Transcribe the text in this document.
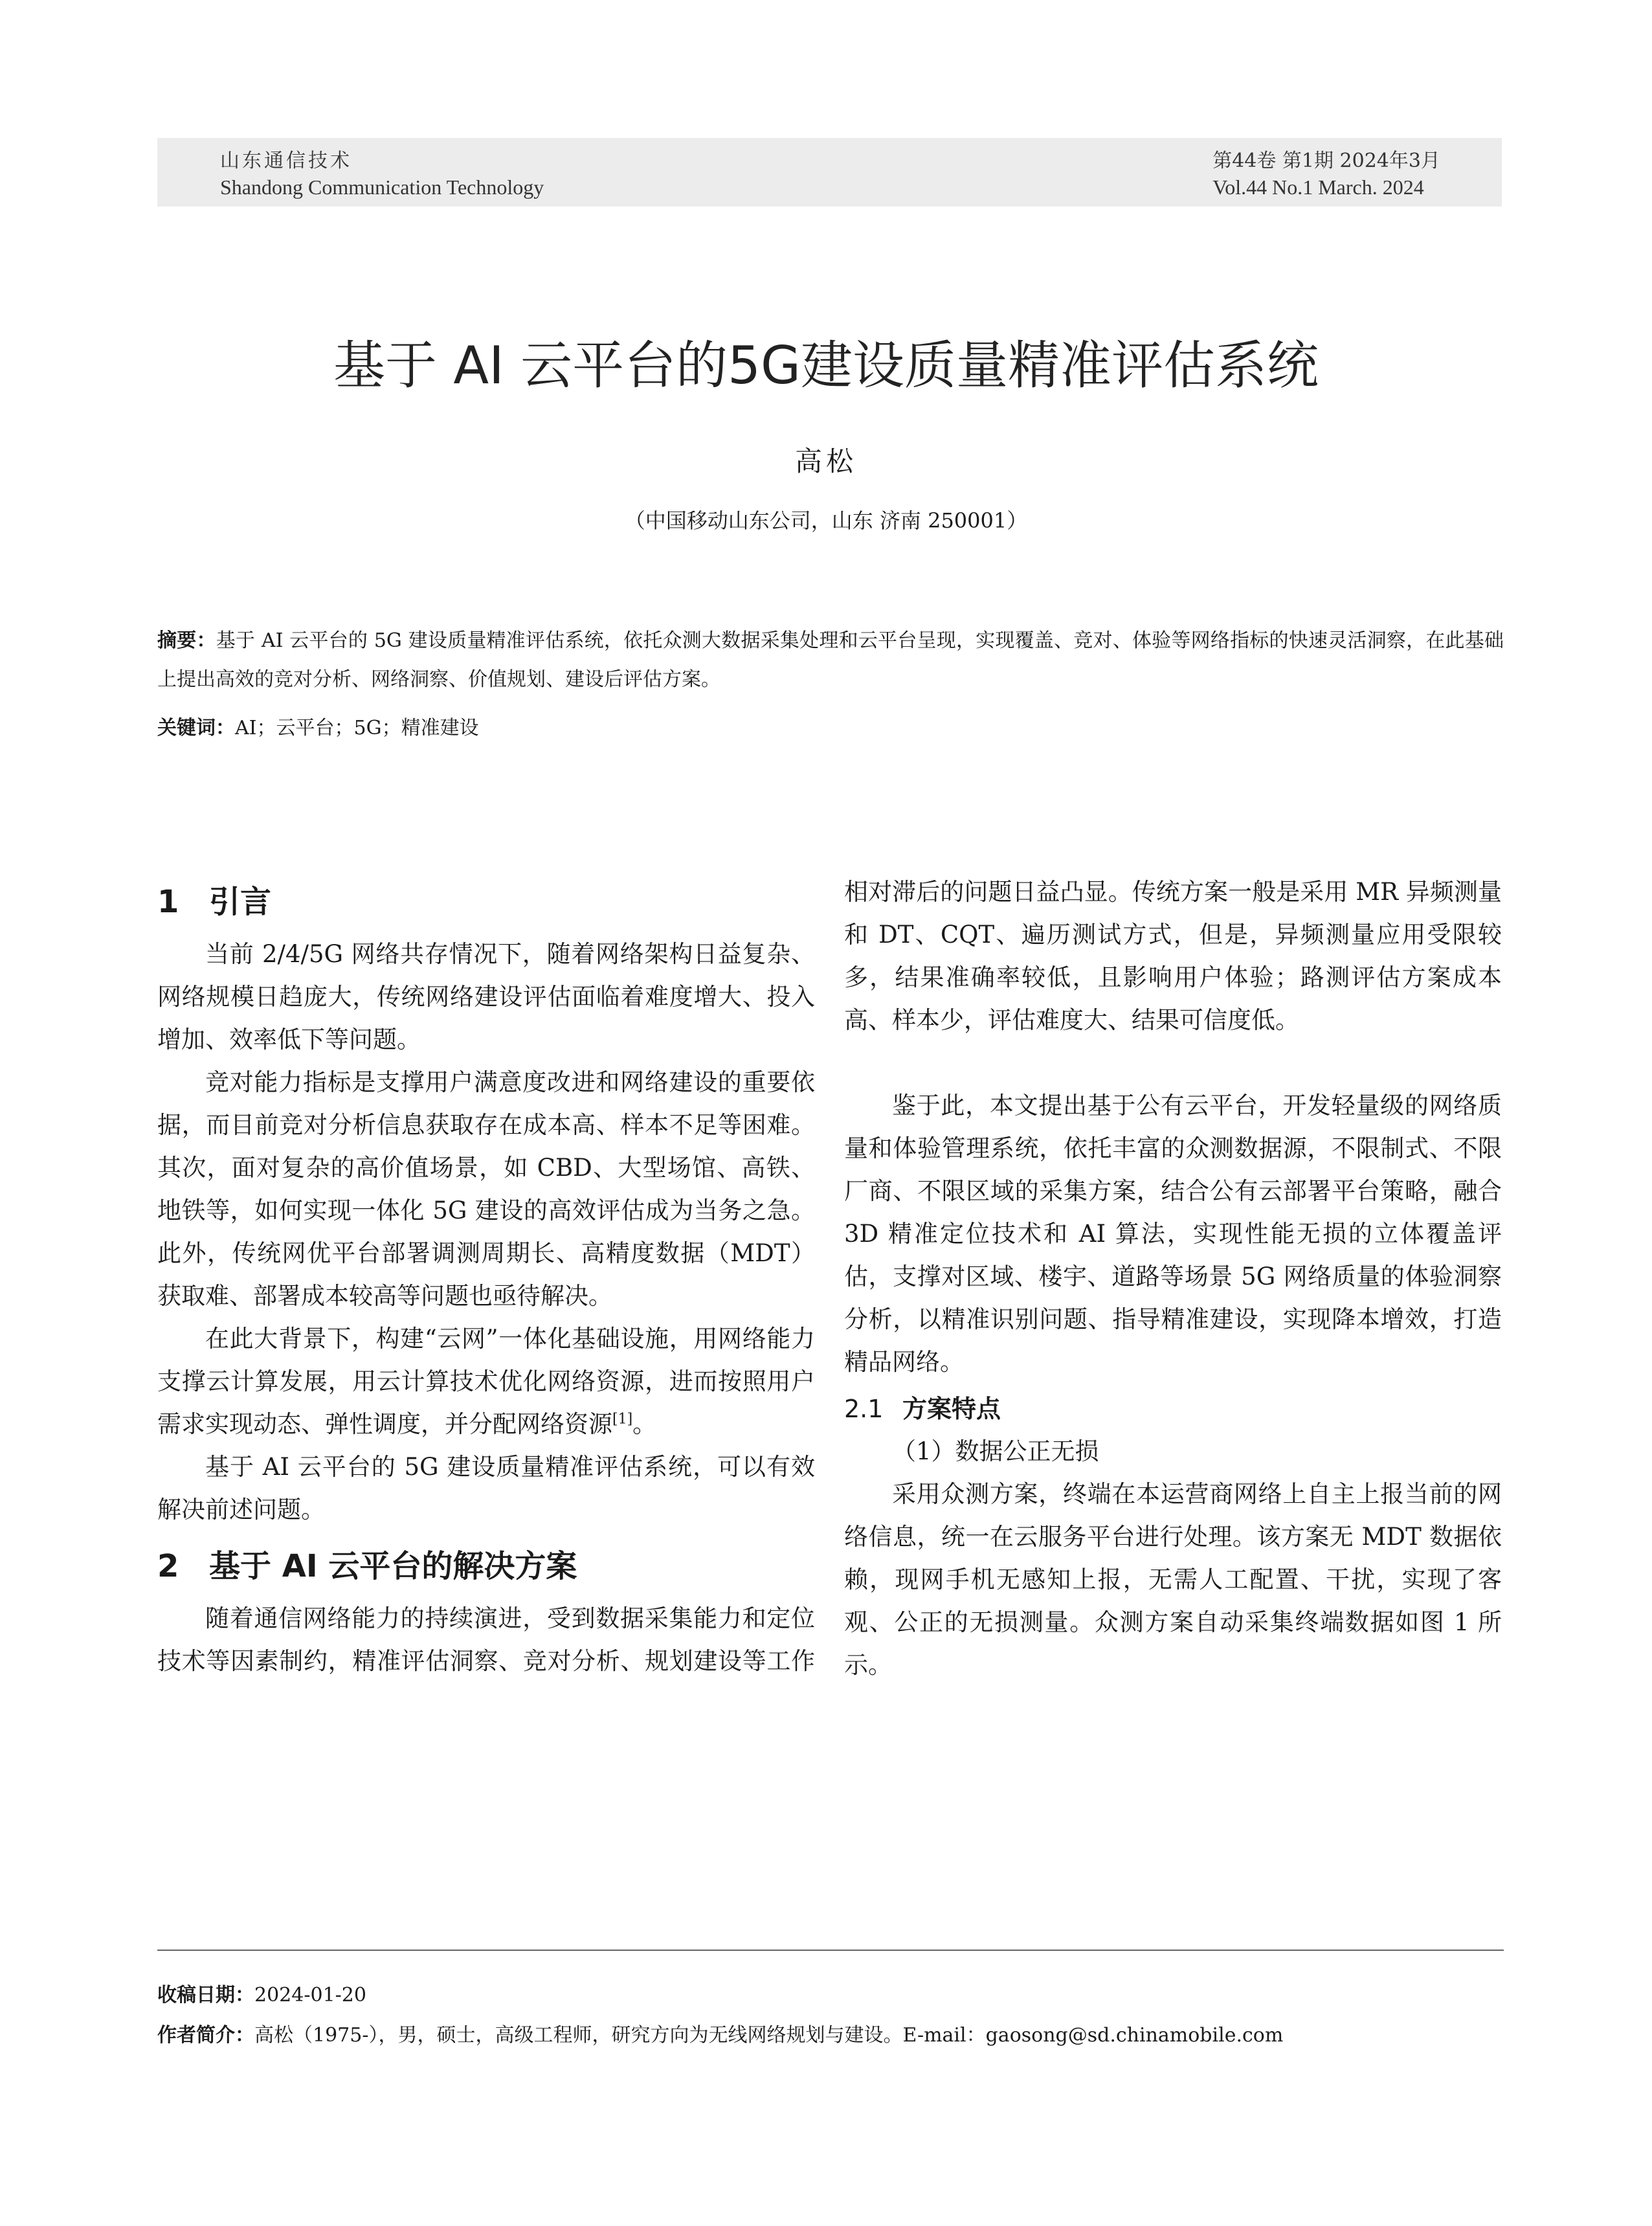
山东通信技术
Shandong Communication Technology
第44卷 第1期 2024年3月
Vol.44 No.1 March. 2024
基于 AI 云平台的5G建设质量精准评估系统
高松
（中国移动山东公司，山东 济南 250001）
摘要：基于 AI 云平台的 5G 建设质量精准评估系统，依托众测大数据采集处理和云平台呈现，实现覆盖、竞对、体验等网络指标的快速灵活洞察，在此基础上提出高效的竞对分析、网络洞察、价值规划、建设后评估方案。
关键词：AI；云平台；5G；精准建设
1 引言

当前 2/4/5G 网络共存情况下，随着网络架构日益复杂、网络规模日趋庞大，传统网络建设评估面临着难度增大、投入增加、效率低下等问题。

竞对能力指标是支撑用户满意度改进和网络建设的重要依据，而目前竞对分析信息获取存在成本高、样本不足等困难。其次，面对复杂的高价值场景，如 CBD、大型场馆、高铁、地铁等，如何实现一体化 5G 建设的高效评估成为当务之急。此外，传统网优平台部署调测周期长、高精度数据（MDT）获取难、部署成本较高等问题也亟待解决。

在此大背景下，构建“云网”一体化基础设施，用网络能力支撑云计算发展，用云计算技术优化网络资源，进而按照用户需求实现动态、弹性调度，并分配网络资源[1]。

基于 AI 云平台的 5G 建设质量精准评估系统，可以有效解决前述问题。

2 基于 AI 云平台的解决方案

随着通信网络能力的持续演进，受到数据采集能力和定位技术等因素制约，精准评估洞察、竞对分析、规划建设等工作

相对滞后的问题日益凸显。传统方案一般是采用 MR 异频测量和 DT、CQT、遍历测试方式，但是，异频测量应用受限较多，结果准确率较低，且影响用户体验；路测评估方案成本高、样本少，评估难度大、结果可信度低。

鉴于此，本文提出基于公有云平台，开发轻量级的网络质量和体验管理系统，依托丰富的众测数据源，不限制式、不限厂商、不限区域的采集方案，结合公有云部署平台策略，融合 3D 精准定位技术和 AI 算法，实现性能无损的立体覆盖评估，支撑对区域、楼宇、道路等场景 5G 网络质量的体验洞察分析，以精准识别问题、指导精准建设，实现降本增效，打造精品网络。

2.1 方案特点

（1）数据公正无损

采用众测方案，终端在本运营商网络上自主上报当前的网络信息，统一在云服务平台进行处理。该方案无 MDT 数据依赖，现网手机无感知上报，无需人工配置、干扰，实现了客观、公正的无损测量。众测方案自动采集终端数据如图 1 所示。

收稿日期：2024-01-20
作者简介：高松（1975-），男，硕士，高级工程师，研究方向为无线网络规划与建设。E-mail：gaosong@sd.chinamobile.com
